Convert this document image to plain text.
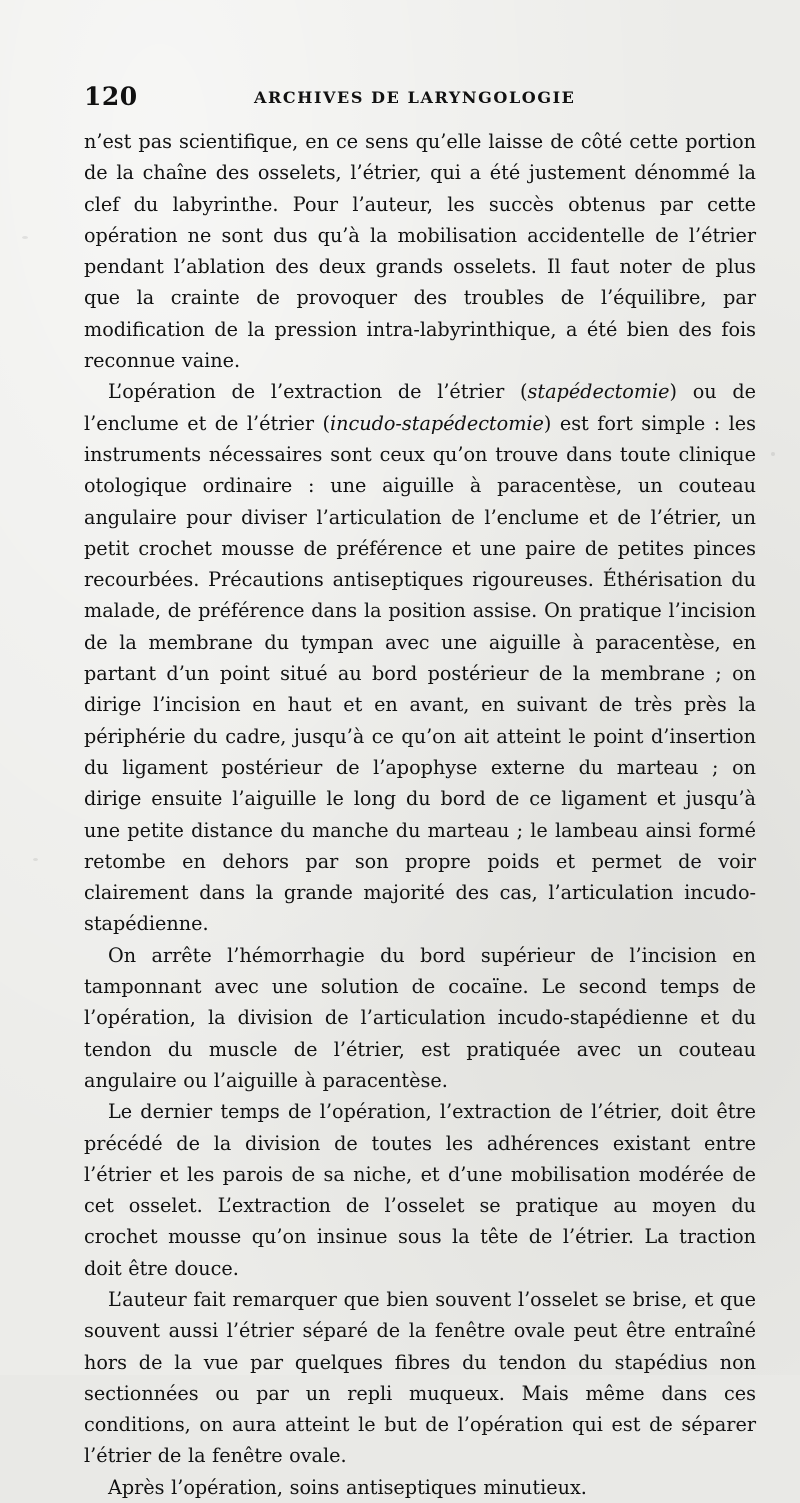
120	ARCHIVES DE LARYNGOLOGIE

n’est pas scientifique, en ce sens qu’elle laisse de côté cette portion de la chaîne des osselets, l’étrier, qui a été justement dénommé la clef du labyrinthe. Pour l’auteur, les succès obtenus par cette opération ne sont dus qu’à la mobilisation accidentelle de l’étrier pendant l’ablation des deux grands osselets. Il faut noter de plus que la crainte de provoquer des troubles de l’équilibre, par modification de la pression intra-labyrinthique, a été bien des fois reconnue vaine.

L’opération de l’extraction de l’étrier (stapédectomie) ou de l’enclume et de l’étrier (incudo-stapédectomie) est fort simple : les instruments nécessaires sont ceux qu’on trouve dans toute clinique otologique ordinaire : une aiguille à paracentèse, un couteau angulaire pour diviser l’articulation de l’enclume et de l’étrier, un petit crochet mousse de préférence et une paire de petites pinces recourbées. Précautions antiseptiques rigoureuses. Éthérisation du malade, de préférence dans la position assise. On pratique l’incision de la membrane du tympan avec une aiguille à paracentèse, en partant d’un point situé au bord postérieur de la membrane ; on dirige l’incision en haut et en avant, en suivant de très près la périphérie du cadre, jusqu’à ce qu’on ait atteint le point d’insertion du ligament postérieur de l’apophyse externe du marteau ; on dirige ensuite l’aiguille le long du bord de ce ligament et jusqu’à une petite distance du manche du marteau ; le lambeau ainsi formé retombe en dehors par son propre poids et permet de voir clairement dans la grande majorité des cas, l’articulation incudo-stapédienne.

On arrête l’hémorrhagie du bord supérieur de l’incision en tamponnant avec une solution de cocaïne. Le second temps de l’opération, la division de l’articulation incudo-stapédienne et du tendon du muscle de l’étrier, est pratiquée avec un couteau angulaire ou l’aiguille à paracentèse.

Le dernier temps de l’opération, l’extraction de l’étrier, doit être précédé de la division de toutes les adhérences existant entre l’étrier et les parois de sa niche, et d’une mobilisation modérée de cet osselet. L’extraction de l’osselet se pratique au moyen du crochet mousse qu’on insinue sous la tête de l’étrier. La traction doit être douce.

L’auteur fait remarquer que bien souvent l’osselet se brise, et que souvent aussi l’étrier séparé de la fenêtre ovale peut être entraîné hors de la vue par quelques fibres du tendon du stapédius non sectionnées ou par un repli muqueux. Mais même dans ces conditions, on aura atteint le but de l’opération qui est de séparer l’étrier de la fenêtre ovale.

Après l’opération, soins antiseptiques minutieux.
